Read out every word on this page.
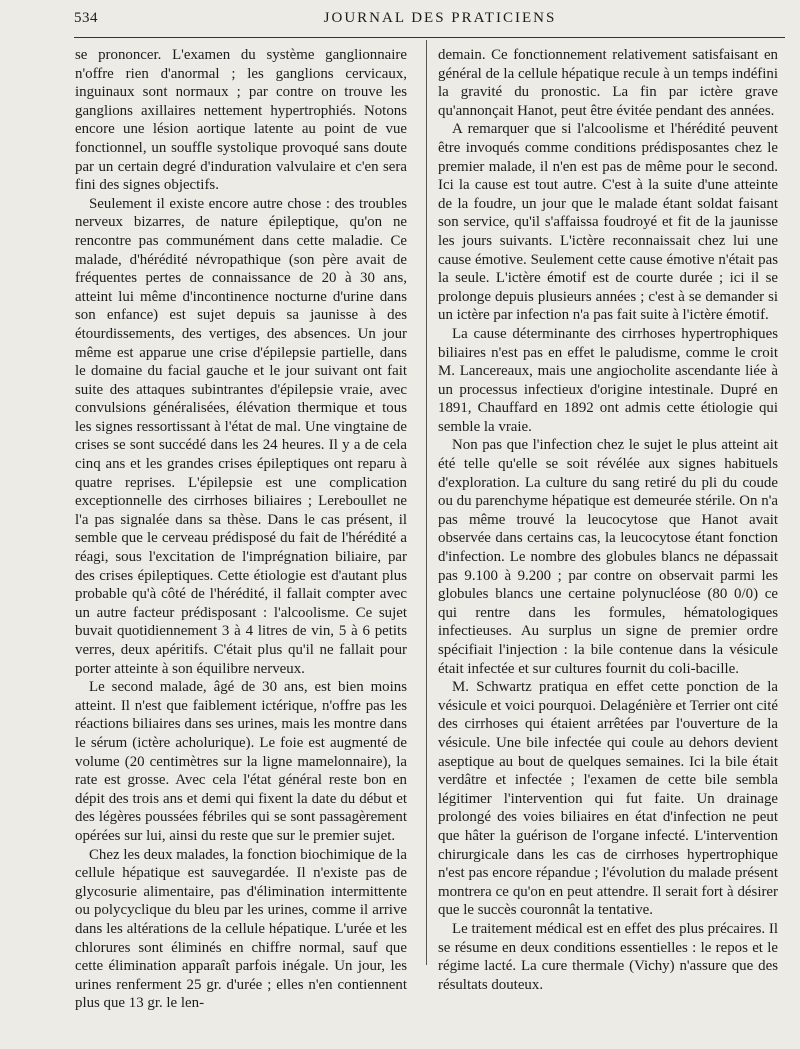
534	JOURNAL DES PRATICIENS

se prononcer. L'examen du système ganglionnaire n'offre rien d'anormal ; les ganglions cervicaux, inguinaux sont normaux ; par contre on trouve les ganglions axillaires nettement hypertrophiés. Notons encore une lésion aortique latente au point de vue fonctionnel, un souffle systolique provoqué sans doute par un certain degré d'induration valvulaire et c'en sera fini des signes objectifs.

Seulement il existe encore autre chose : des troubles nerveux bizarres, de nature épileptique, qu'on ne rencontre pas communément dans cette maladie. Ce malade, d'hérédité névropathique (son père avait de fréquentes pertes de connaissance de 20 à 30 ans, atteint lui même d'incontinence nocturne d'urine dans son enfance) est sujet depuis sa jaunisse à des étourdissements, des vertiges, des absences. Un jour même est apparue une crise d'épilepsie partielle, dans le domaine du facial gauche et le jour suivant ont fait suite des attaques subintrantes d'épilepsie vraie, avec convulsions généralisées, élévation thermique et tous les signes ressortissant à l'état de mal. Une vingtaine de crises se sont succédé dans les 24 heures. Il y a de cela cinq ans et les grandes crises épileptiques ont reparu à quatre reprises. L'épilepsie est une complication exceptionnelle des cirrhoses biliaires ; Lereboullet ne l'a pas signalée dans sa thèse. Dans le cas présent, il semble que le cerveau prédisposé du fait de l'hérédité a réagi, sous l'excitation de l'imprégnation biliaire, par des crises épileptiques. Cette étiologie est d'autant plus probable qu'à côté de l'hérédité, il fallait compter avec un autre facteur prédisposant : l'alcoolisme. Ce sujet buvait quotidiennement 3 à 4 litres de vin, 5 à 6 petits verres, deux apéritifs. C'était plus qu'il ne fallait pour porter atteinte à son équilibre nerveux.

Le second malade, âgé de 30 ans, est bien moins atteint. Il n'est que faiblement ictérique, n'offre pas les réactions biliaires dans ses urines, mais les montre dans le sérum (ictère acholurique). Le foie est augmenté de volume (20 centimètres sur la ligne mamelonnaire), la rate est grosse. Avec cela l'état général reste bon en dépit des trois ans et demi qui fixent la date du début et des légères poussées fébriles qui se sont passagèrement opérées sur lui, ainsi du reste que sur le premier sujet.

Chez les deux malades, la fonction biochimique de la cellule hépatique est sauvegardée. Il n'existe pas de glycosurie alimentaire, pas d'élimination intermittente ou polycyclique du bleu par les urines, comme il arrive dans les altérations de la cellule hépatique. L'urée et les chlorures sont éliminés en chiffre normal, sauf que cette élimination apparaît parfois inégale. Un jour, les urines renferment 25 gr. d'urée ; elles n'en contiennent plus que 13 gr. le len-

demain. Ce fonctionnement relativement satisfaisant en général de la cellule hépatique recule à un temps indéfini la gravité du pronostic. La fin par ictère grave qu'annonçait Hanot, peut être évitée pendant des années.

A remarquer que si l'alcoolisme et l'hérédité peuvent être invoqués comme conditions prédisposantes chez le premier malade, il n'en est pas de même pour le second. Ici la cause est tout autre. C'est à la suite d'une atteinte de la foudre, un jour que le malade étant soldat faisant son service, qu'il s'affaissa foudroyé et fit de la jaunisse les jours suivants. L'ictère reconnaissait chez lui une cause émotive. Seulement cette cause émotive n'était pas la seule. L'ictère émotif est de courte durée ; ici il se prolonge depuis plusieurs années ; c'est à se demander si un ictère par infection n'a pas fait suite à l'ictère émotif.

La cause déterminante des cirrhoses hypertrophiques biliaires n'est pas en effet le paludisme, comme le croit M. Lancereaux, mais une angiocholite ascendante liée à un processus infectieux d'origine intestinale. Dupré en 1891, Chauffard en 1892 ont admis cette étiologie qui semble la vraie.

Non pas que l'infection chez le sujet le plus atteint ait été telle qu'elle se soit révélée aux signes habituels d'exploration. La culture du sang retiré du pli du coude ou du parenchyme hépatique est demeurée stérile. On n'a pas même trouvé la leucocytose que Hanot avait observée dans certains cas, la leucocytose étant fonction d'infection. Le nombre des globules blancs ne dépassait pas 9.100 à 9.200 ; par contre on observait parmi les globules blancs une certaine polynucléose (80 0/0) ce qui rentre dans les formules, hématologiques infectieuses. Au surplus un signe de premier ordre spécifiait l'injection : la bile contenue dans la vésicule était infectée et sur cultures fournit du coli-bacille.

M. Schwartz pratiqua en effet cette ponction de la vésicule et voici pourquoi. Delagénière et Terrier ont cité des cirrhoses qui étaient arrêtées par l'ouverture de la vésicule. Une bile infectée qui coule au dehors devient aseptique au bout de quelques semaines. Ici la bile était verdâtre et infectée ; l'examen de cette bile sembla légitimer l'intervention qui fut faite. Un drainage prolongé des voies biliaires en état d'infection ne peut que hâter la guérison de l'organe infecté. L'intervention chirurgicale dans les cas de cirrhoses hypertrophique n'est pas encore répandue ; l'évolution du malade présent montrera ce qu'on en peut attendre. Il serait fort à désirer que le succès couronnât la tentative.

Le traitement médical est en effet des plus précaires. Il se résume en deux conditions essentielles : le repos et le régime lacté. La cure thermale (Vichy) n'assure que des résultats douteux.
